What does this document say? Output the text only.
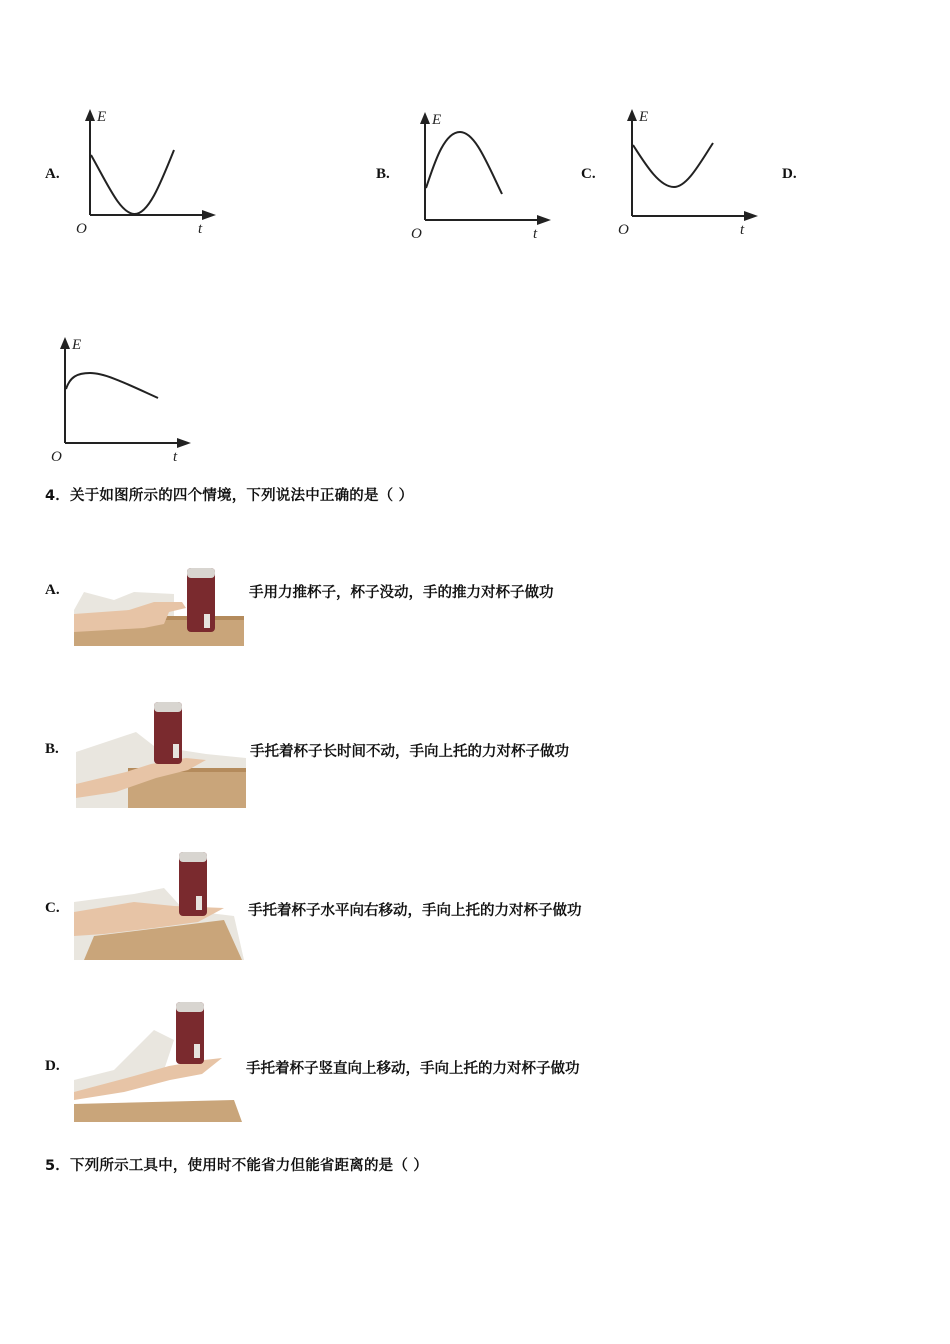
A.
E
O	t
B.
E
O	t
C.
E
O	t
D.
E
O	t
4．关于如图所示的四个情境，下列说法中正确的是（ ）
A.	手用力推杯子，杯子没动，手的推力对杯子做功
B.	手托着杯子长时间不动，手向上托的力对杯子做功
C.	手托着杯子水平向右移动，手向上托的力对杯子做功
D.	手托着杯子竖直向上移动，手向上托的力对杯子做功
5．下列所示工具中，使用时不能省力但能省距离的是（ ）
